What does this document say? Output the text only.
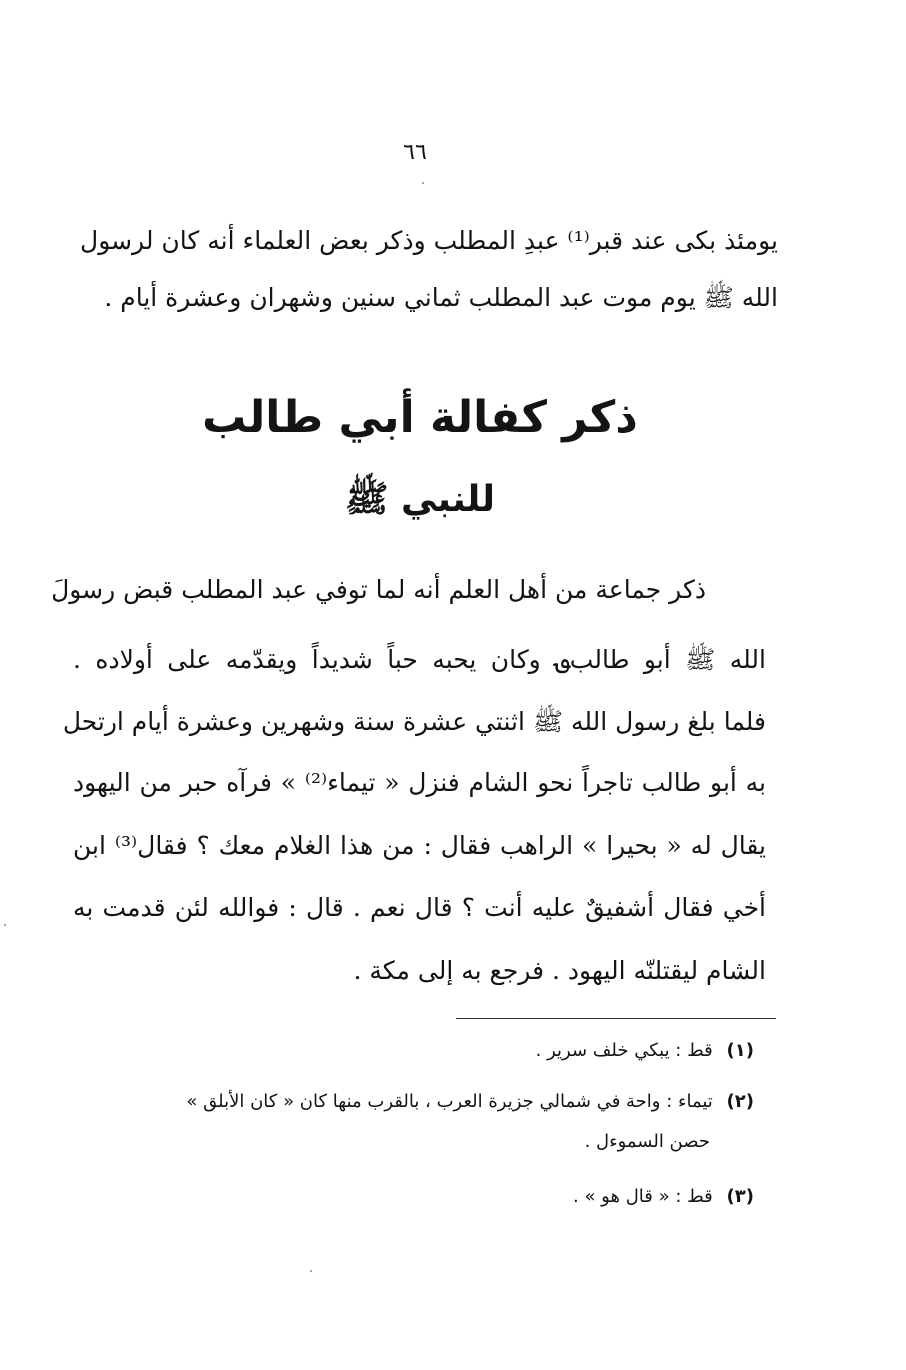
٦٦
يومئذ بكى عند قبر⁽¹⁾ عبدِ المطلب وذكر بعض العلماء أنه كان لرسول
الله ﷺ يوم موت عبد المطلب ثماني سنين وشهران وعشرة أيام .
ذكر كفالة أبي طالب
للنبي ﷺ
ذكر جماعة من أهل العلم أنه لما توفي عبد المطلب قبض رسولَ
الله ﷺ أبو طالب؈ وكان يحبه حباً شديداً ويقدّمه على أولاده .
فلما بلغ رسول الله ﷺ اثنتي عشرة سنة وشهرين وعشرة أيام ارتحل
به أبو طالب تاجراً نحو الشام فنزل « تيماء⁽²⁾ » فرآه حبر من اليهود
يقال له « بحيرا » الراهب فقال : من هذا الغلام معك ؟ فقال⁽³⁾ ابن
أخي فقال أشفيقٌ عليه أنت ؟ قال نعم . قال : فوالله لئن قدمت به
الشام ليقتلنّه اليهود . فرجع به إلى مكة .
(١) قط : يبكي خلف سرير .
(٢) تيماء : واحة في شمالي جزيرة العرب ، بالقرب منها كان « كان الأبلق »
حصن السموءل .
(٣) قط : « قال هو » .
